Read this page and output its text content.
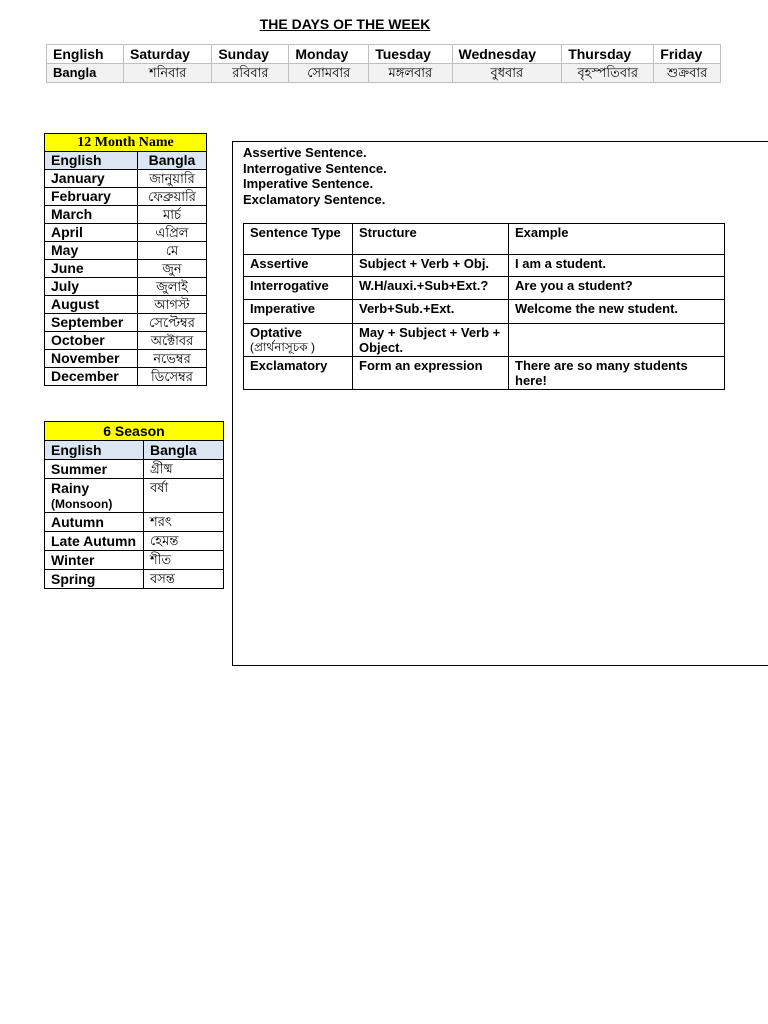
THE DAYS OF THE WEEK
English	Saturday	Sunday	Monday	Tuesday	Wednesday	Thursday	Friday
Bangla	শনিবার	রবিবার	সোমবার	মঙ্গলবার	বুধবার	বৃহস্পতিবার	শুক্রবার
12 Month Name	
English	Bangla
January	জানুয়ারি
February	ফেব্রুয়ারি
March	মার্চ
April	এপ্রিল
May	মে
June	জুন
July	জুলাই
August	আগস্ট
September	সেপ্টেম্বর
October	অক্টোবর
November	নভেম্বর
December	ডিসেম্বর
6 Season	
English	Bangla
Summer	গ্রীষ্ম
Rainy
(Monsoon)	বর্ষা
Autumn	শরৎ
Late Autumn	হেমন্ত
Winter	শীত
Spring	বসন্ত
Assertive Sentence.
Interrogative Sentence.
Imperative Sentence.
Exclamatory Sentence.
Sentence Type	Structure	Example
Assertive	Subject + Verb + Obj.	I am a student.
Interrogative	W.H/auxi.+Sub+Ext.?	Are you a student?
Imperative	Verb+Sub.+Ext.	Welcome the new student.

Optative
(প্রার্থনাসূচক )	May + Subject + Verb + Object.	
Exclamatory	Form an expression	There are so many students here!
